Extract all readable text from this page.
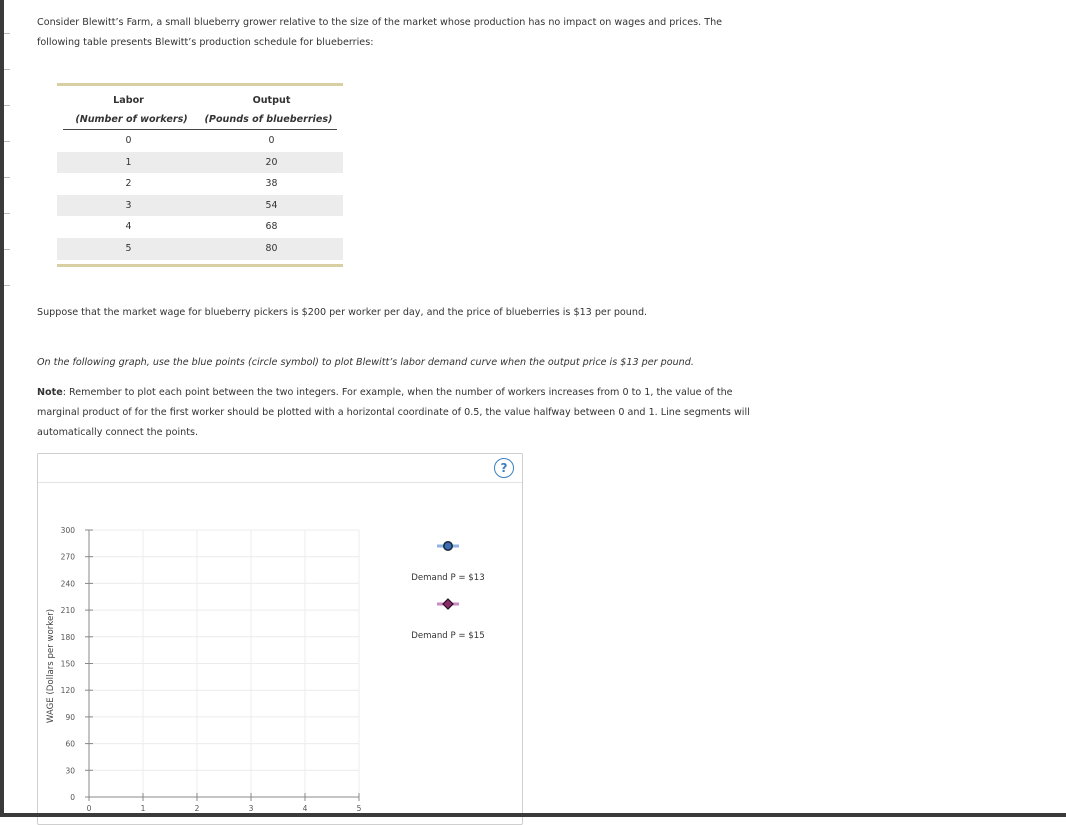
Consider Blewitt’s Farm, a small blueberry grower relative to the size of the market whose production has no impact on wages and prices. The
following table presents Blewitt’s production schedule for blueberries:
Labor	Output
(Number of workers)	(Pounds of blueberries)
0	0
1	20
2	38
3	54
4	68
5	80
Suppose that the market wage for blueberry pickers is $200 per worker per day, and the price of blueberries is $13 per pound.
On the following graph, use the blue points (circle symbol) to plot Blewitt’s labor demand curve when the output price is $13 per pound.
Note: Remember to plot each point between the two integers. For example, when the number of workers increases from 0 to 1, the value of the
marginal product of for the first worker should be plotted with a horizontal coordinate of 0.5, the value halfway between 0 and 1. Line segments will
automatically connect the points.
?
0
30
60
90
120
150
180
210
240
270
300
0	1	2	3	4	5
WAGE (Dollars per worker)
Demand P = $13
Demand P = $15
